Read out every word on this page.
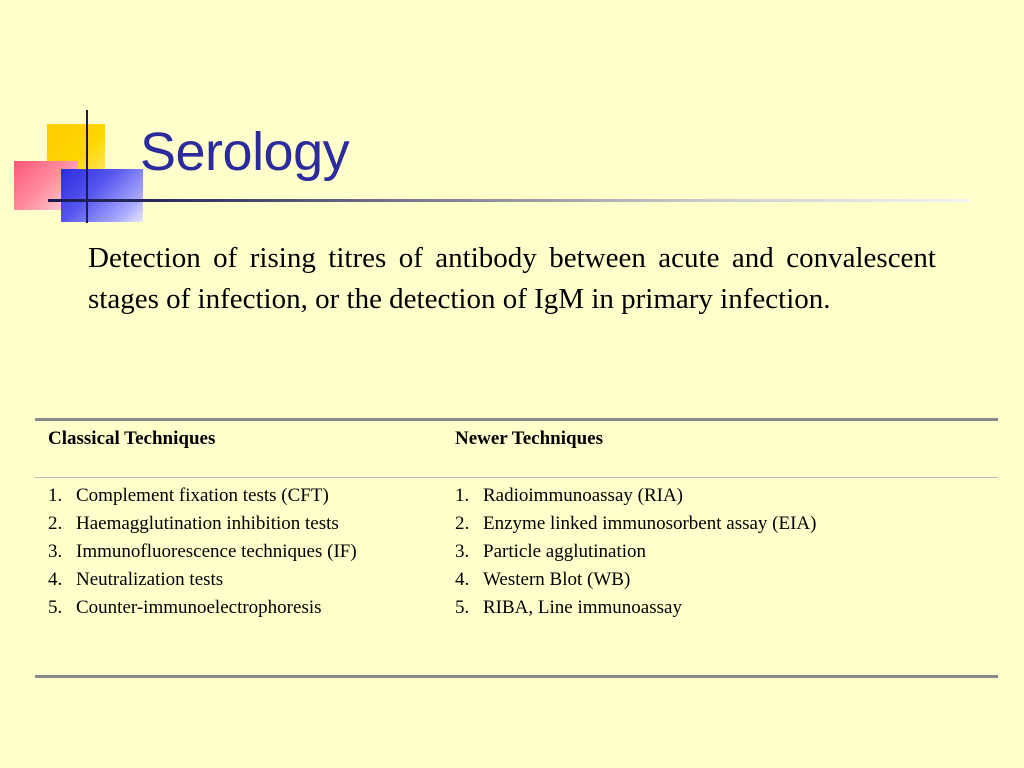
Serology

Detection of rising titres of antibody between acute and convalescent stages of infection, or the detection of IgM in primary infection.

Classical Techniques	Newer Techniques
1. Complement fixation tests (CFT)
2. Haemagglutination inhibition tests
3. Immunofluorescence techniques (IF)
4. Neutralization tests
5. Counter-immunoelectrophoresis
1. Radioimmunoassay (RIA)
2. Enzyme linked immunosorbent assay (EIA)
3. Particle agglutination
4. Western Blot (WB)
5. RIBA, Line immunoassay
